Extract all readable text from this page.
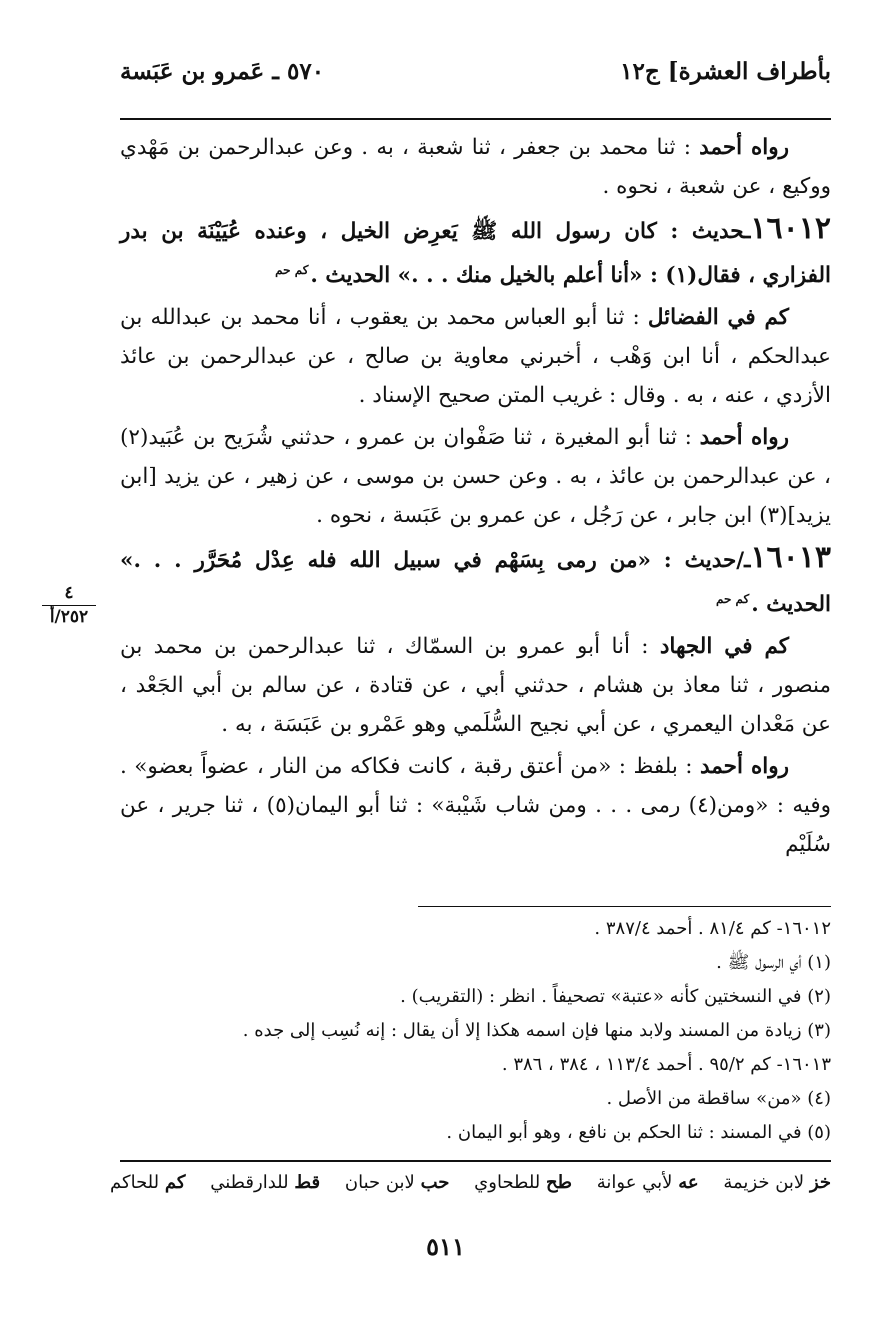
بأطراف العشرة] ج١٢
٥٧٠ ـ عَمرو بن عَبَسة

رواه أحمد : ثنا محمد بن جعفر ، ثنا شعبة ، به . وعن عبدالرحمن بن مَهْدي ووكيع ، عن شعبة ، نحوه .

١٦٠١٢ـحديث : كان رسول الله ﷺ يَعرِض الخيل ، وعنده عُيَيْنَة بن بدر الفزاري ، فقال(١) : «أنا أعلم بالخيل منك . . .» الحديث .$^{كم حم}$

كم في الفضائل : ثنا أبو العباس محمد بن يعقوب ، أنا محمد بن عبدالله بن عبدالحكم ، أنا ابن وَهْب ، أخبرني معاوية بن صالح ، عن عبدالرحمن بن عائذ الأزدي ، عنه ، به . وقال : غريب المتن صحيح الإسناد .

رواه أحمد : ثنا أبو المغيرة ، ثنا صَفْوان بن عمرو ، حدثني شُرَيح بن عُبَيد(٢) ، عن عبدالرحمن بن عائذ ، به . وعن حسن بن موسى ، عن زهير ، عن يزيد [ابن يزيد](٣) ابن جابر ، عن رَجُل ، عن عمرو بن عَبَسة ، نحوه .

١٦٠١٣ـ/حديث : «من رمى بِسَهْم في سبيل الله فله عِدْل مُحَرَّر . . .» الحديث .$^{كم حم}$

كم في الجهاد : أنا أبو عمرو بن السمّاك ، ثنا عبدالرحمن بن محمد بن منصور ، ثنا معاذ بن هشام ، حدثني أبي ، عن قتادة ، عن سالم بن أبي الجَعْد ، عن مَعْدان اليعمري ، عن أبي نجيح السُّلَمي وهو عَمْرو بن عَبَسَة ، به .

رواه أحمد : بلفظ : «من أعتق رقبة ، كانت فكاكه من النار ، عضواً بعضو» . وفيه : «ومن(٤) رمى . . . ومن شاب شَيْبة» : ثنا أبو اليمان(٥) ، ثنا جرير ، عن سُلَيْم

٤
٢٥٢/أ

١٦٠١٢- كم ٨١/٤ . أحمد ٣٨٧/٤ .

(١) أي الرسول ﷺ .

(٢) في النسختين كأنه «عتبة» تصحيفاً . انظر : (التقريب) .

(٣) زيادة من المسند ولابد منها فإن اسمه هكذا إلا أن يقال : إنه نُسِب إلى جده .

١٦٠١٣- كم ٩٥/٢ . أحمد ١١٣/٤ ، ٣٨٤ ، ٣٨٦ .

(٤) «من» ساقطة من الأصل .

(٥) في المسند : ثنا الحكم بن نافع ، وهو أبو اليمان .

خز لابن خزيمة
عه لأبي عوانة
طح للطحاوي
حب لابن حبان
قط للدارقطني
كم للحاكم
٥١١
